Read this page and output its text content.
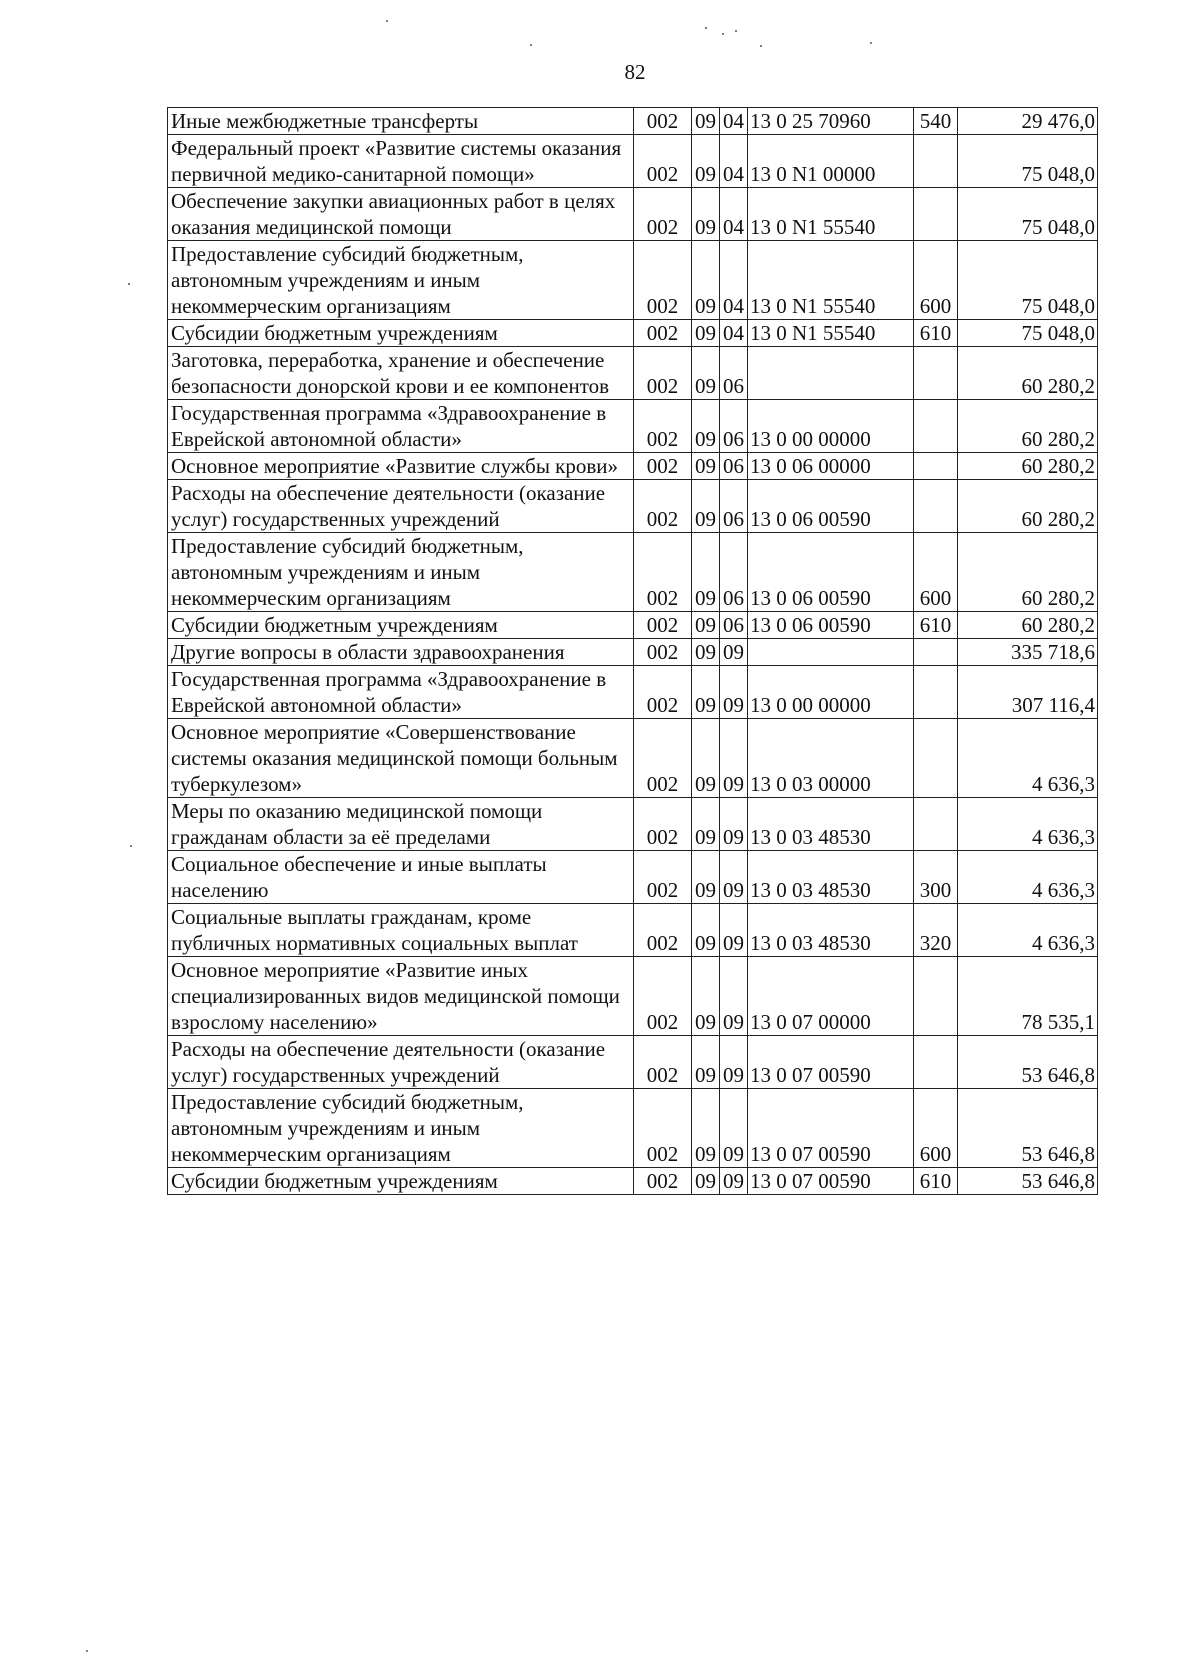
82
Иные межбюджетные трансферты	002	09	04	13 0 25 70960	540	29 476,0
Федеральный проект «Развитие системы оказания первичной медико-санитарной помощи»	002	09	04	13 0 N1 00000		75 048,0
Обеспечение закупки авиационных работ в целях оказания медицинской помощи	002	09	04	13 0 N1 55540		75 048,0
Предоставление субсидий бюджетным, автономным учреждениям и иным некоммерческим организациям	002	09	04	13 0 N1 55540	600	75 048,0
Субсидии бюджетным учреждениям	002	09	04	13 0 N1 55540	610	75 048,0
Заготовка, переработка, хранение и обеспечение безопасности донорской крови и ее компонентов	002	09	06			60 280,2
Государственная программа «Здравоохранение в Еврейской автономной области»	002	09	06	13 0 00 00000		60 280,2
Основное мероприятие «Развитие службы крови»	002	09	06	13 0 06 00000		60 280,2
Расходы на обеспечение деятельности (оказание услуг) государственных учреждений	002	09	06	13 0 06 00590		60 280,2
Предоставление субсидий бюджетным, автономным учреждениям и иным некоммерческим организациям	002	09	06	13 0 06 00590	600	60 280,2
Субсидии бюджетным учреждениям	002	09	06	13 0 06 00590	610	60 280,2
Другие вопросы в области здравоохранения	002	09	09			335 718,6
Государственная программа «Здравоохранение в Еврейской автономной области»	002	09	09	13 0 00 00000		307 116,4
Основное мероприятие «Совершенствование системы оказания медицинской помощи больным туберкулезом»	002	09	09	13 0 03 00000		4 636,3
Меры по оказанию медицинской помощи гражданам области за её пределами	002	09	09	13 0 03 48530		4 636,3
Социальное обеспечение и иные выплаты населению	002	09	09	13 0 03 48530	300	4 636,3
Социальные выплаты гражданам, кроме публичных нормативных социальных выплат	002	09	09	13 0 03 48530	320	4 636,3
Основное мероприятие «Развитие иных специализированных видов медицинской помощи взрослому населению»	002	09	09	13 0 07 00000		78 535,1
Расходы на обеспечение деятельности (оказание услуг) государственных учреждений	002	09	09	13 0 07 00590		53 646,8
Предоставление субсидий бюджетным, автономным учреждениям и иным некоммерческим организациям	002	09	09	13 0 07 00590	600	53 646,8
Субсидии бюджетным учреждениям	002	09	09	13 0 07 00590	610	53 646,8
